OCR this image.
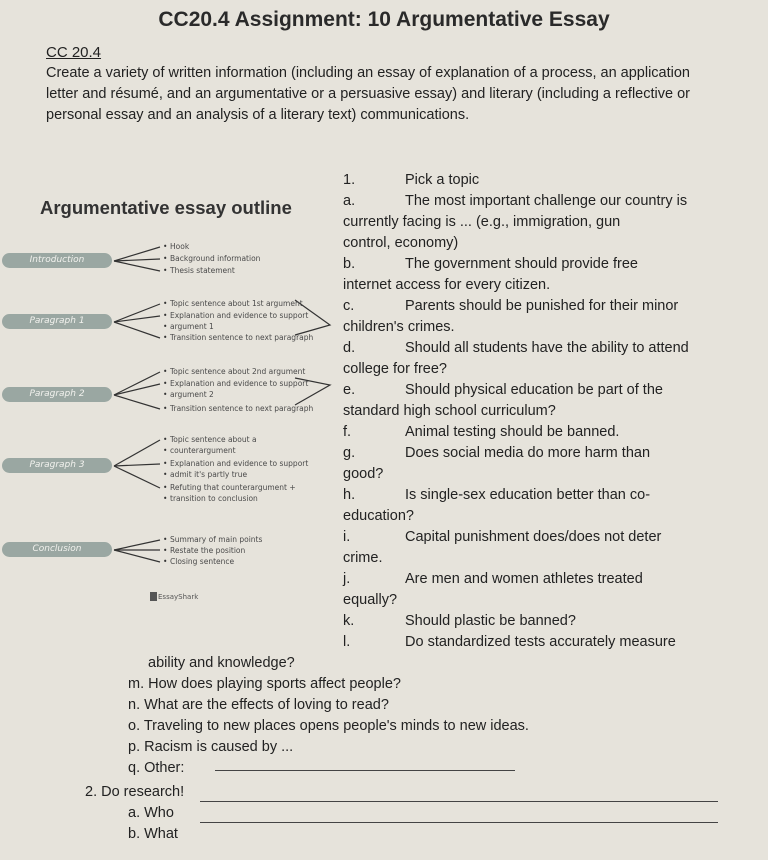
CC20.4 Assignment: 10 Argumentative Essay
CC 20.4
Create a variety of written information (including an essay of explanation of a process, an application letter and résumé, and an argumentative or a persuasive essay) and literary (including a reflective or personal essay and an analysis of a literary text) communications.
Argumentative essay outline
Introduction
• Hook
• Background information
• Thesis statement
Paragraph 1
• Topic sentence about 1st argument
• Explanation and evidence to support
• argument 1
• Transition sentence to next paragraph
Paragraph 2
• Topic sentence about 2nd argument
• Explanation and evidence to support
• argument 2
• Transition sentence to next paragraph
Paragraph 3
• Topic sentence about a
• counterargument
• Explanation and evidence to support
• admit it's partly true
• Refuting that counterargument +
• transition to conclusion
Conclusion
• Summary of main points
• Restate the position
• Closing sentence
EssayShark
1.	Pick a topic
a.	The most important challenge our country is
currently facing is ... (e.g., immigration, gun
control, economy)
b.	The government should provide free
internet access for every citizen.
c.	Parents should be punished for their minor
children's crimes.
d.	Should all students have the ability to attend
college for free?
e.	Should physical education be part of the
standard high school curriculum?
f.	Animal testing should be banned.
g.	Does social media do more harm than
good?
h.	Is single-sex education better than co-
education?
i.	Capital punishment does/does not deter
crime.
j.	Are men and women athletes treated
equally?
k.	Should plastic be banned?
l.	Do standardized tests accurately measure
ability and knowledge?
m. How does playing sports affect people?
n. What are the effects of loving to read?
o. Traveling to new places opens people's minds to new ideas.
p. Racism is caused by ...
q. Other:
2. Do research!
a. Who
b. What
